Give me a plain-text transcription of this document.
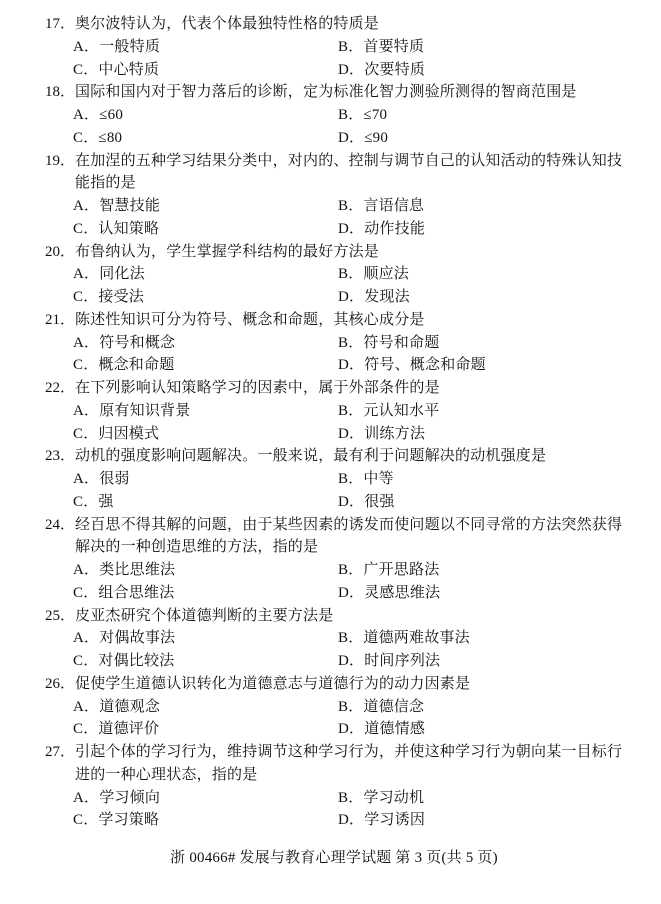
17． 奥尔波特认为，代表个体最独特性格的特质是
A．一般特质	B．首要特质
C．中心特质	D．次要特质
18． 国际和国内对于智力落后的诊断，定为标准化智力测验所测得的智商范围是
A．≤60	B．≤70
C．≤80	D．≤90
19． 在加涅的五种学习结果分类中，对内的、控制与调节自己的认知活动的特殊认知技能指的是
A．智慧技能	B．言语信息
C．认知策略	D．动作技能
20． 布鲁纳认为，学生掌握学科结构的最好方法是
A．同化法	B．顺应法
C．接受法	D．发现法
21． 陈述性知识可分为符号、概念和命题，其核心成分是
A．符号和概念	B．符号和命题
C．概念和命题	D．符号、概念和命题
22． 在下列影响认知策略学习的因素中，属于外部条件的是
A．原有知识背景	B．元认知水平
C．归因模式	D．训练方法
23． 动机的强度影响问题解决。一般来说，最有利于问题解决的动机强度是
A．很弱	B．中等
C．强	D．很强
24． 经百思不得其解的问题，由于某些因素的诱发而使问题以不同寻常的方法突然获得解决的一种创造思维的方法，指的是
A．类比思维法	B．广开思路法
C．组合思维法	D．灵感思维法
25． 皮亚杰研究个体道德判断的主要方法是
A．对偶故事法	B．道德两难故事法
C．对偶比较法	D．时间序列法
26． 促使学生道德认识转化为道德意志与道德行为的动力因素是
A．道德观念	B．道德信念
C．道德评价	D．道德情感
27． 引起个体的学习行为，维持调节这种学习行为，并使这种学习行为朝向某一目标行进的一种心理状态，指的是
A．学习倾向	B．学习动机
C．学习策略	D．学习诱因
浙 00466# 发展与教育心理学试题 第 3 页(共 5 页)
